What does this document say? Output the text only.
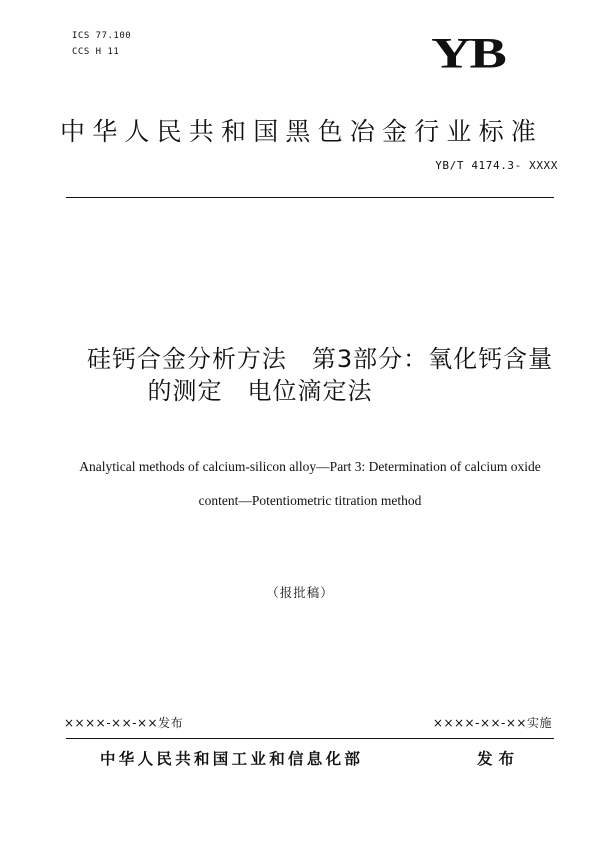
ICS 77.100
CCS H 11	YB
中华人民共和国黑色冶金行业标准
YB/T 4174.3- XXXX
硅钙合金分析方法　第3部分：氧化钙含量
的测定　电位滴定法
Analytical methods of calcium-silicon alloy—Part 3: Determination of calcium oxide
content—Potentiometric titration method
（报批稿）
××××-××-××发布	××××-××-××实施
中华人民共和国工业和信息化部	发布
